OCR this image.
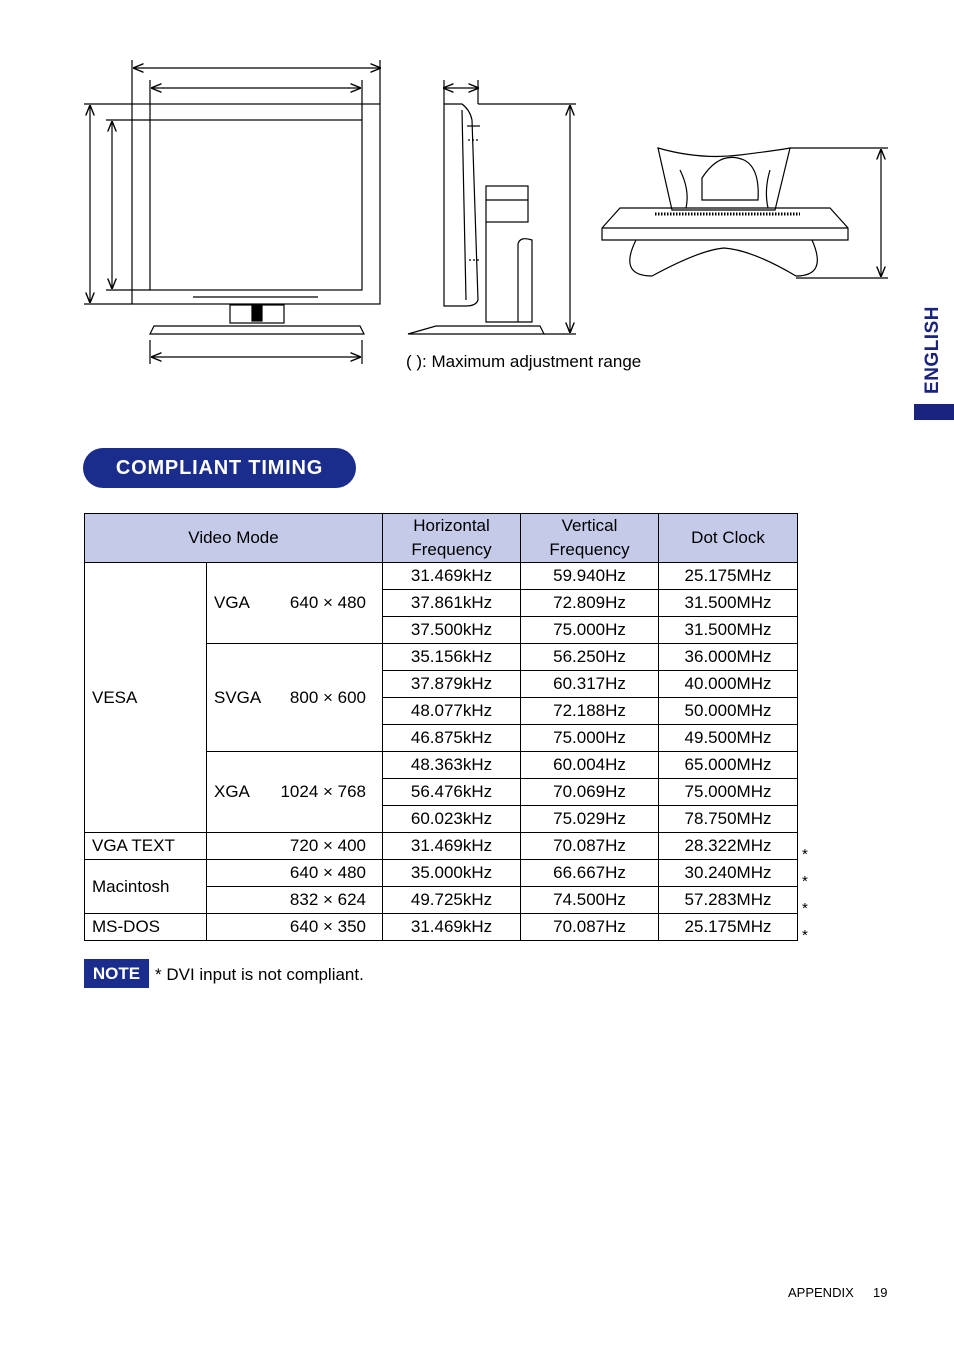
( ): Maximum adjustment range	ENGLISH
COMPLIANT TIMING
Video Mode		Horizontal Frequency	Vertical Frequency	Dot Clock
VESA	VGA 640 × 480	31.469kHz	59.940Hz	25.175MHz
		37.861kHz	72.809Hz	31.500MHz
		37.500kHz	75.000Hz	31.500MHz

	SVGA 800 × 600	35.156kHz	56.250Hz	36.000MHz
		37.879kHz	60.317Hz	40.000MHz
		48.077kHz	72.188Hz	50.000MHz
		46.875kHz	75.000Hz	49.500MHz

	XGA 1024 × 768	48.363kHz	60.004Hz	65.000MHz
		56.476kHz	70.069Hz	75.000MHz
		60.023kHz	75.029Hz	78.750MHz
VGA TEXT	720 × 400	31.469kHz	70.087Hz	28.322MHz
Macintosh	640 × 480	35.000kHz	66.667Hz	30.240MHz
	832 × 624	49.725kHz	74.500Hz	57.283MHz
MS-DOS	640 × 350	31.469kHz	70.087Hz	25.175MHz
*
*
*
*
NOTE * DVI input is not compliant.
APPENDIX 19
